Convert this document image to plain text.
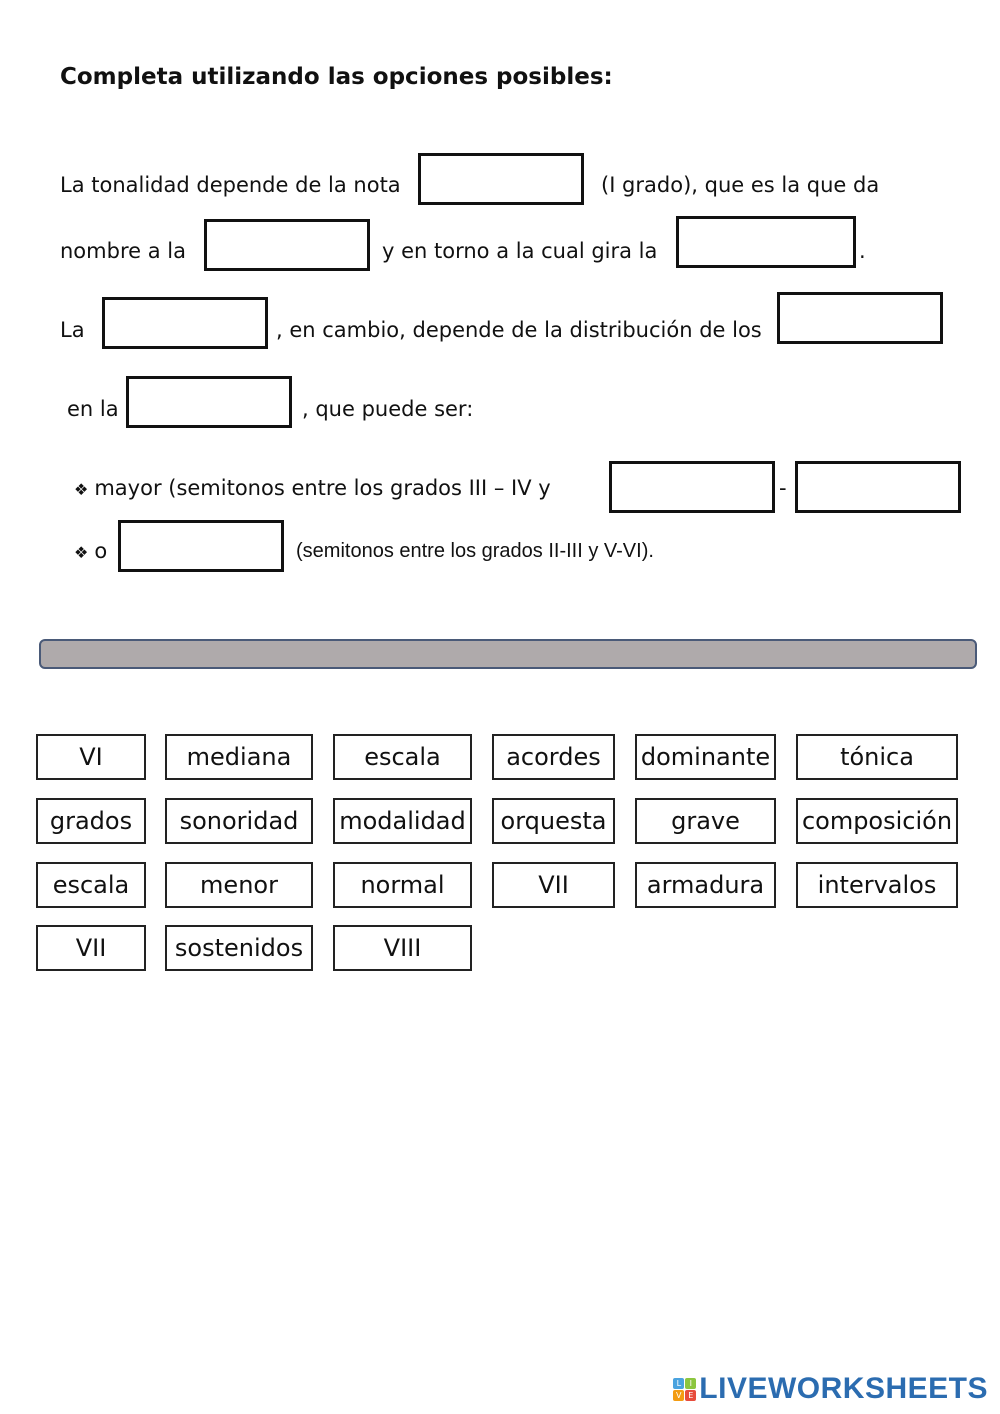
Completa utilizando las opciones posibles:
La tonalidad depende de la nota	(I grado), que es la que da
nombre a la	y en torno a la cual gira la	.
La	, en cambio, depende de la distribución de los
en la	, que puede ser:
❖ mayor (semitonos entre los grados III – IV y	-
❖ o	(semitonos entre los grados II-III y V-VI).
VI	mediana	escala	acordes	dominante	tónica
grados	sonoridad	modalidad	orquesta	grave	composición
escala	menor	normal	VII	armadura	intervalos
VII	sostenidos	VIII
L	I
V E LIVEWORKSHEETS
